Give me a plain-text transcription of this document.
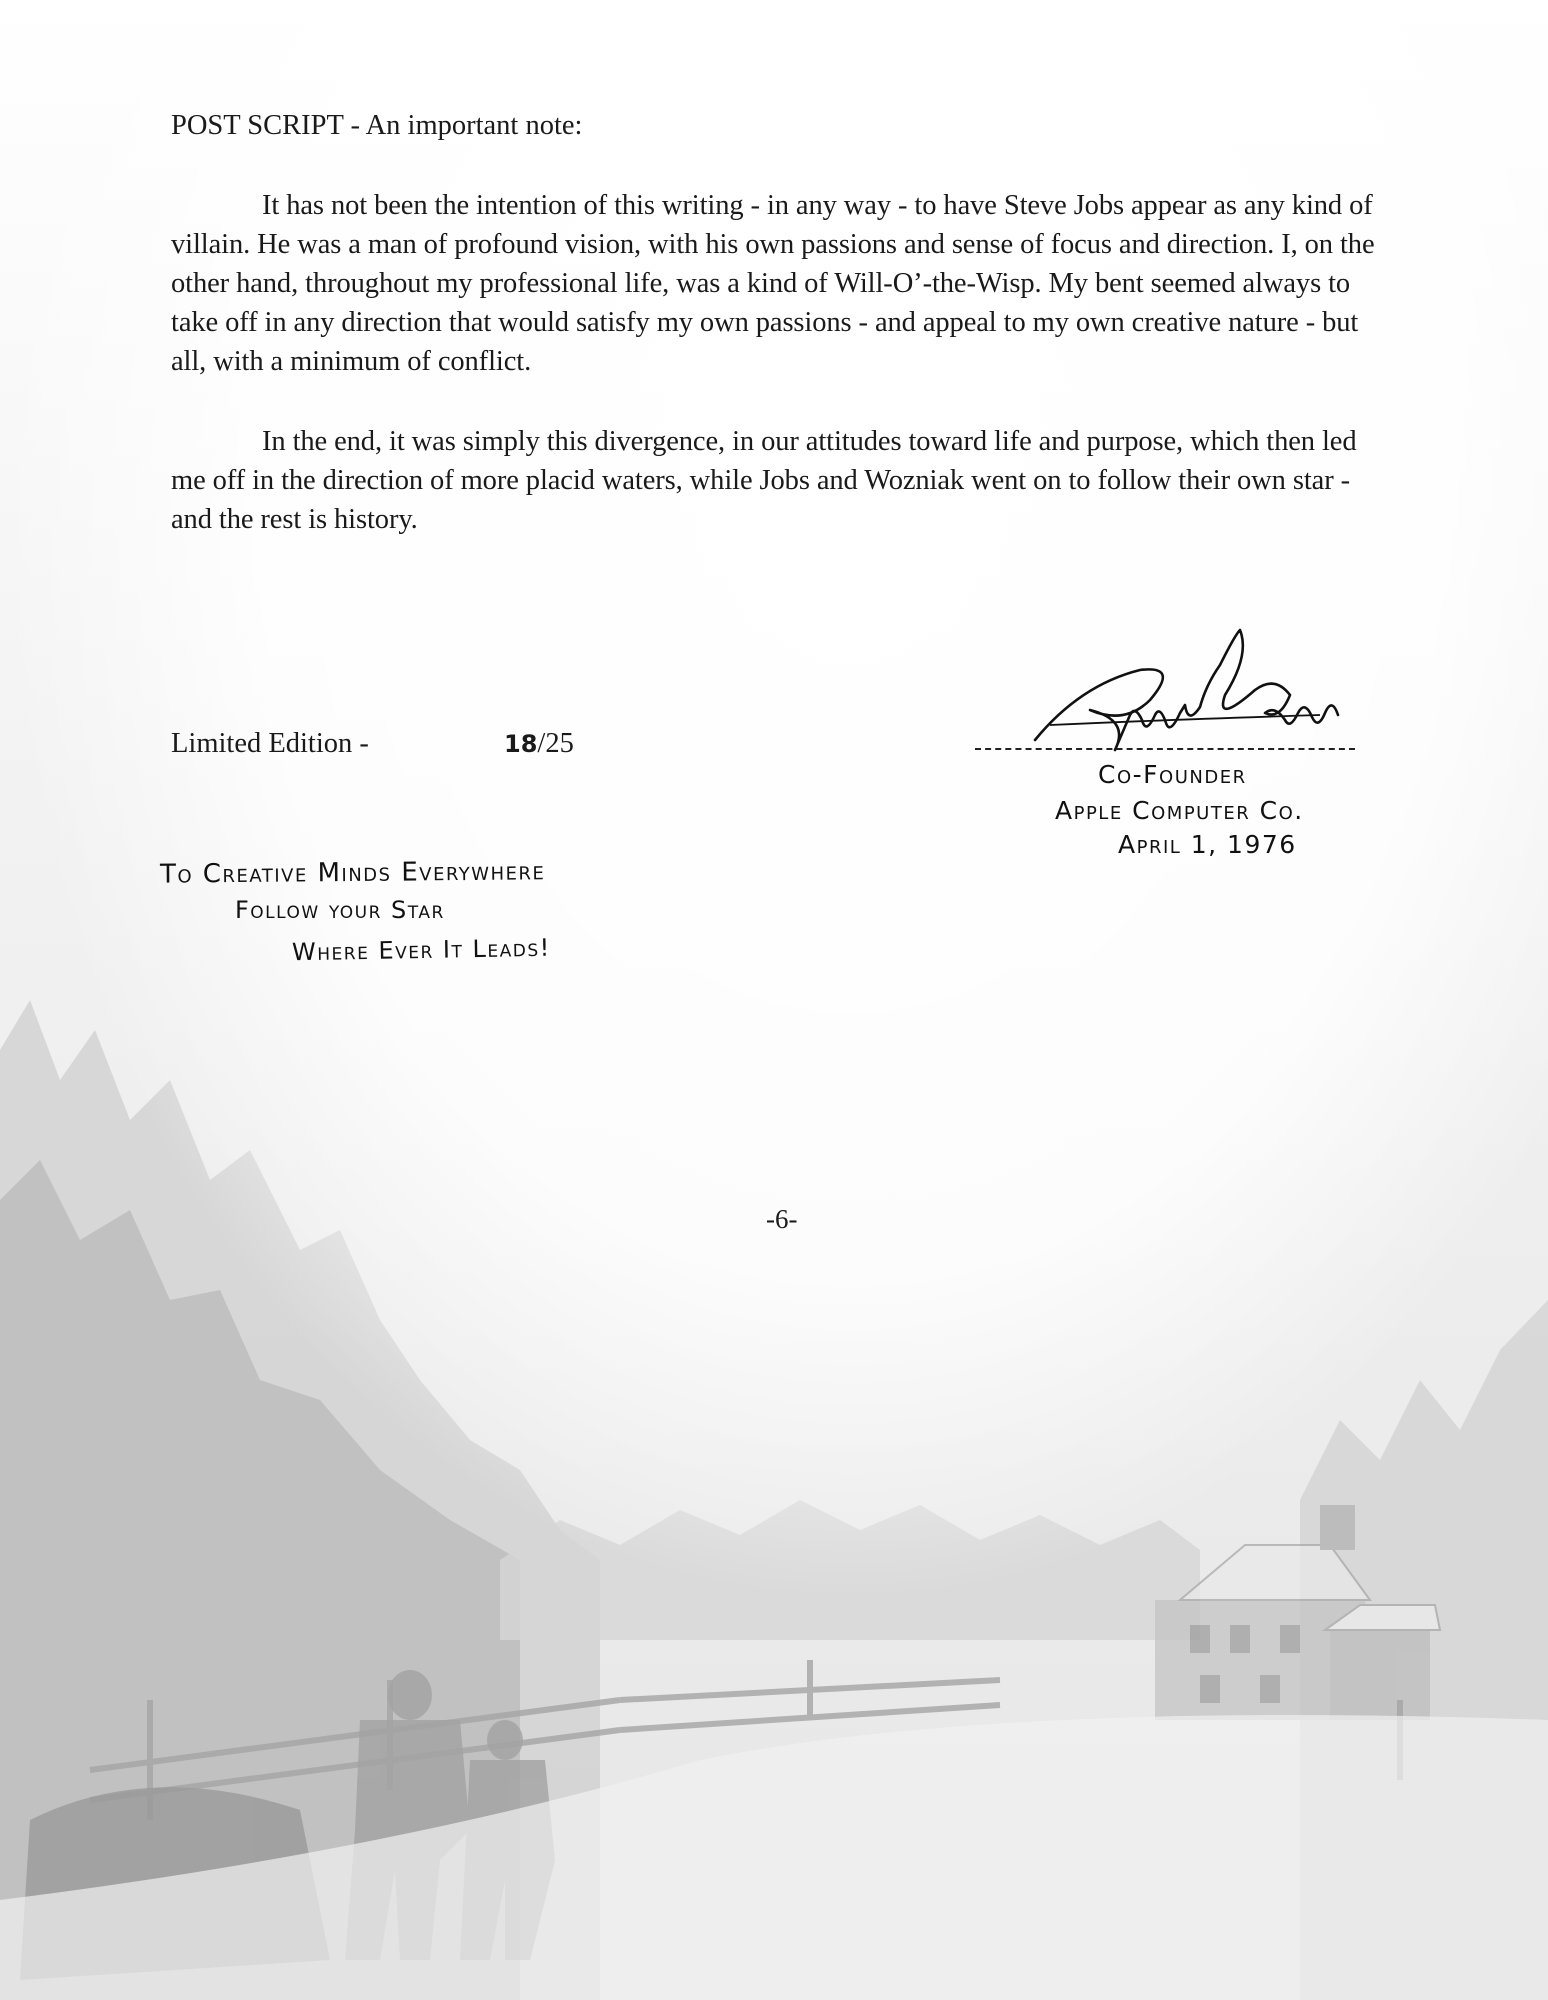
POST SCRIPT - An important note:

It has not been the intention of this writing - in any way - to have Steve Jobs appear as any kind of villain. He was a man of profound vision, with his own passions and sense of focus and direction. I, on the other hand, throughout my professional life, was a kind of Will-O’-the-Wisp. My bent seemed always to take off in any direction that would satisfy my own passions - and appeal to my own creative nature - but all, with a minimum of conflict.

In the end, it was simply this divergence, in our attitudes toward life and purpose, which then led me off in the direction of more placid waters, while Jobs and Wozniak went on to follow their own star - and the rest is history.

Limited Edition -	18/25
Co-Founder
Apple Computer Co.
April 1, 1976
To Creative Minds Everywhere
Follow your Star
Where Ever It Leads!
-6-
